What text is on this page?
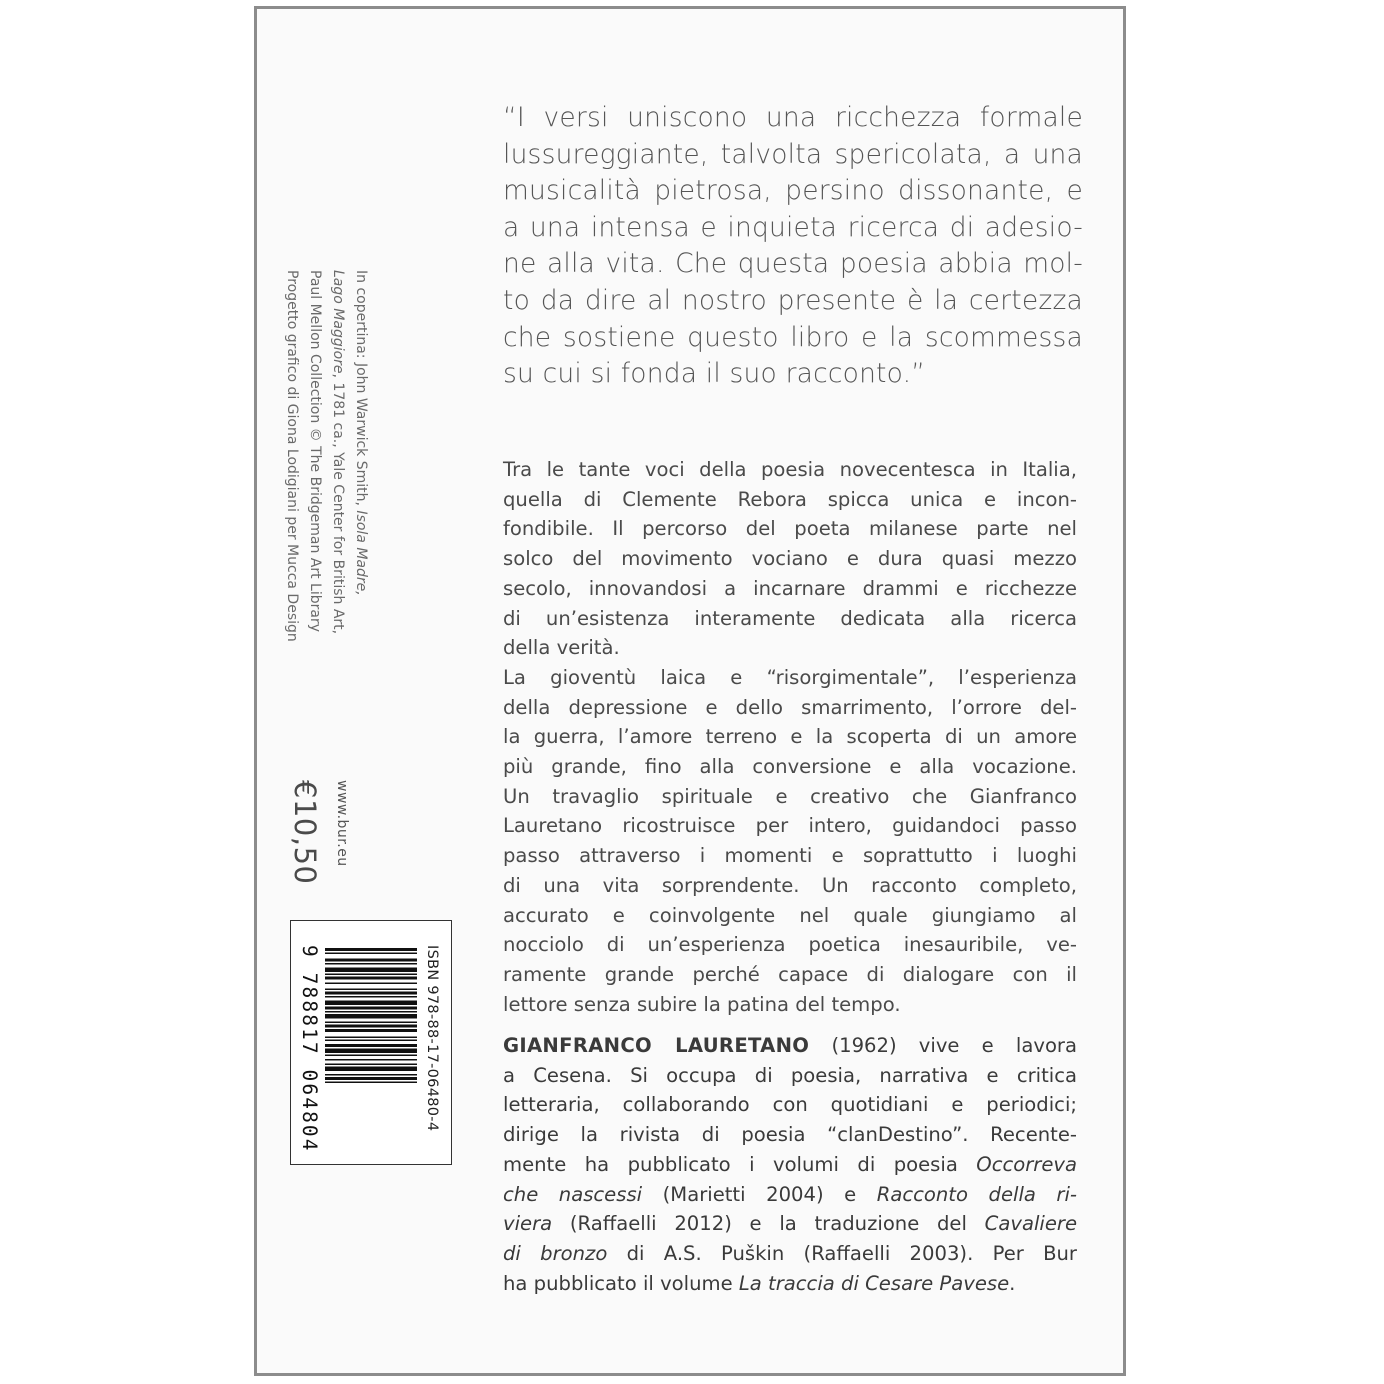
“I versi uniscono una ricchezza formale
lussureggiante, talvolta spericolata, a una
musicalità pietrosa, persino dissonante, e
a una intensa e inquieta ricerca di adesio-
ne alla vita. Che questa poesia abbia mol-
to da dire al nostro presente è la certezza
che sostiene questo libro e la scommessa
su cui si fonda il suo racconto.”
Tra le tante voci della poesia novecentesca in Italia,
quella di Clemente Rebora spicca unica e incon-
fondibile. Il percorso del poeta milanese parte nel
solco del movimento vociano e dura quasi mezzo
secolo, innovandosi a incarnare drammi e ricchezze
di un’esistenza interamente dedicata alla ricerca
della verità.
La gioventù laica e “risorgimentale”, l’esperienza
della depressione e dello smarrimento, l’orrore del-
la guerra, l’amore terreno e la scoperta di un amore
più grande, fino alla conversione e alla vocazione.
Un travaglio spirituale e creativo che Gianfranco
Lauretano ricostruisce per intero, guidandoci passo
passo attraverso i momenti e soprattutto i luoghi
di una vita sorprendente. Un racconto completo,
accurato e coinvolgente nel quale giungiamo al
nocciolo di un’esperienza poetica inesauribile, ve-
ramente grande perché capace di dialogare con il
lettore senza subire la patina del tempo.
GIANFRANCO LAURETANO (1962) vive e lavora
a Cesena. Si occupa di poesia, narrativa e critica
letteraria, collaborando con quotidiani e periodici;
dirige la rivista di poesia “clanDestino”. Recente-
mente ha pubblicato i volumi di poesia Occorreva
che nascessi (Marietti 2004) e Racconto della ri-
viera (Raffaelli 2012) e la traduzione del Cavaliere
di bronzo di A.S. Puškin (Raffaelli 2003). Per Bur
ha pubblicato il volume La traccia di Cesare Pavese.
In copertina: John Warwick Smith, Isola Madre,
Lago Maggiore, 1781 ca., Yale Center for British Art,
Paul Mellon Collection © The Bridgeman Art Library
Progetto grafico di Giona Lodigiani per Mucca Design
www.bur.eu
€10,50
ISBN 978-88-17-06480-4
9 788817 064804
